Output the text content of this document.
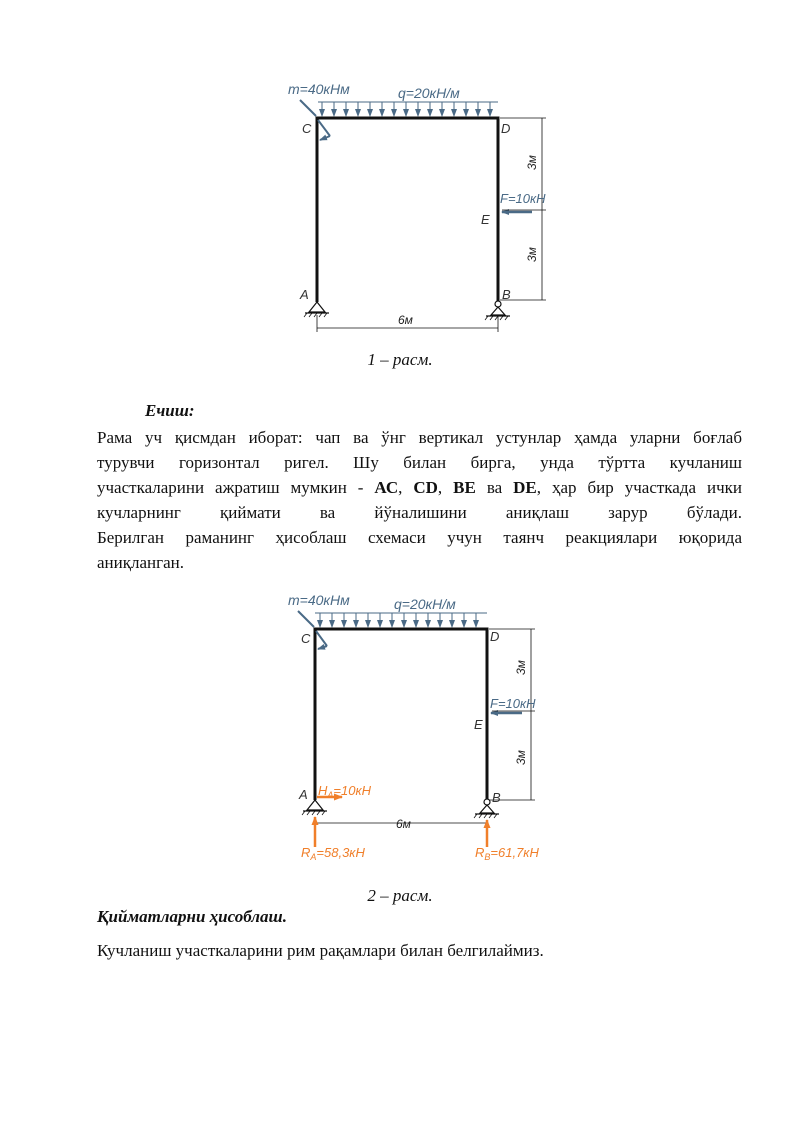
m=40кНм	q=20кН/м
F=10кН
C	D
E
A	B
3м
3м
6м
1 – расм.
Ечиш:
Рама уч қисмдан иборат: чап ва ўнг вертикал устунлар ҳамда уларни боғлаб
турувчи горизонтал ригел. Шу билан бирга, унда тўртта кучланиш
участкаларини ажратиш мумкин - АС, CD, BE ва DE, ҳар бир участкада ички
кучларнинг қиймати ва йўналишини аниқлаш зарур бўлади.
Берилган раманинг ҳисоблаш схемаси учун таянч реакциялари юқорида
аниқланган.
m=40кНм	q=20кН/м
F=10кН
C	D
E
A	B
3м
3м
6м
$H_A=10кН$
$R_A=58,3кН$	$R_B=61,7кН$
2 – расм.
Қийматларни ҳисоблаш.
Кучланиш участкаларини рим рақамлари билан белгилаймиз.
